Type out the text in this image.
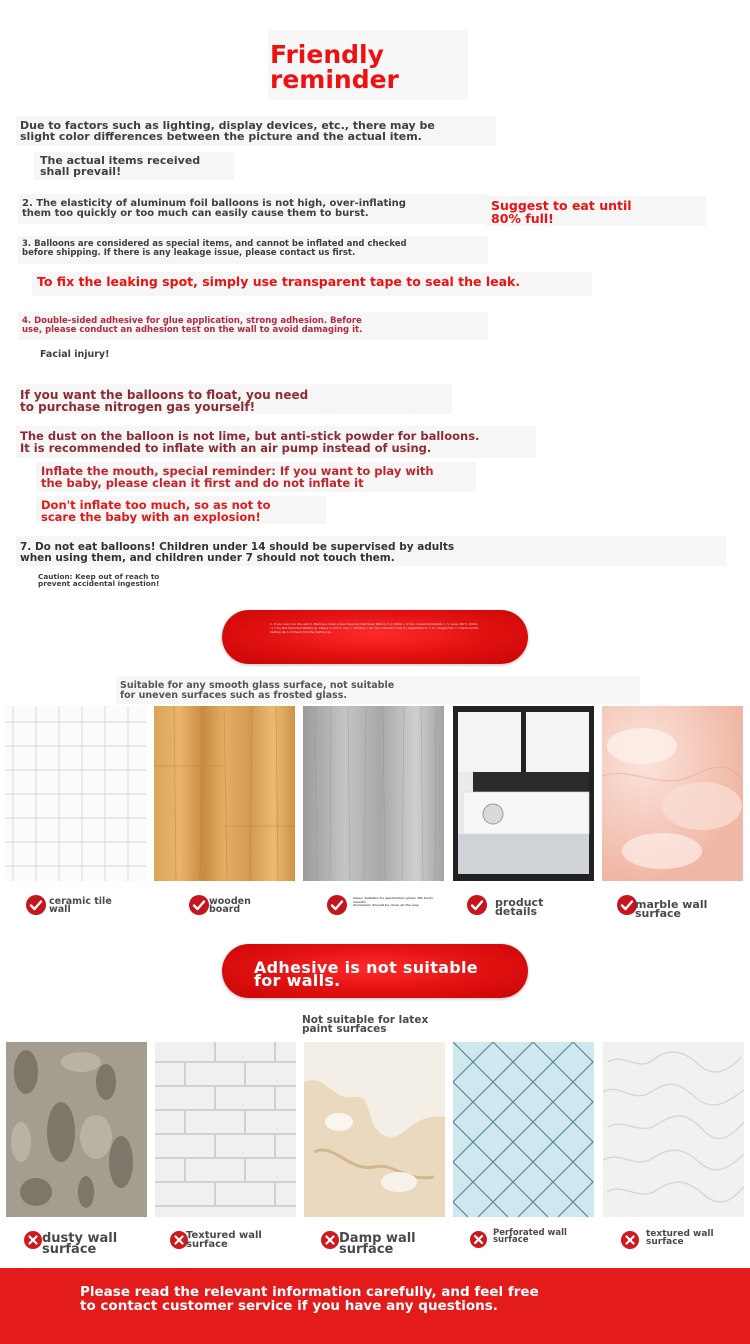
Friendly
reminder
Due to factors such as lighting, display devices, etc., there may be
slight color differences between the picture and the actual item.
The actual items received
shall prevail!
2. The elasticity of aluminum foil balloons is not high, over-inflating
them too quickly or too much can easily cause them to burst.
Suggest to eat until
80% full!
3. Balloons are considered as special items, and cannot be inflated and checked
before shipping. If there is any leakage issue, please contact us first.
To fix the leaking spot, simply use transparent tape to seal the leak.
4. Double-sided adhesive for glue application, strong adhesion. Before
use, please conduct an adhesion test on the wall to avoid damaging it.
Facial injury!
If you want the balloons to float, you need
to purchase nitrogen gas yourself!
The dust on the balloon is not lime, but anti-stick powder for balloons.
It is recommended to inflate with an air pump instead of using.
Inflate the mouth, special reminder: If you want to play with
the baby, please clean it first and do not inflate it
Don't inflate too much, so as not to
scare the baby with an explosion!
7. Do not eat balloons! Children under 14 should be supervised by adults
when using them, and children under 7 should not touch them.
Caution: Keep out of reach to
prevent accidental ingestion!
1. If you use it on the wall 2. Making a clean (clean Special) test Need Before 3. It (Note 1. If Can Cause Paint/walls 1. 5. Give, Put 5. (Note I.) 7.Do Not Intended Wall(S) 9). Please 5. Put 5. Use 7. Children 7.Do Not Intended Only 8.) Applicable to 7.11. Single Free 7.1 Removal No Setting Up 1.9 Check Into the Setting Up.
Suitable for any smooth glass surface, not suitable
for uneven surfaces such as frosted glass.
ceramic tile
wall
wooden
board
Glass: Suitable for application (glass: fits best) smooth
Aluminum: Should be clean all the way	product
details
marble wall
surface
Adhesive is not suitable
for walls.
Not suitable for latex
paint surfaces
dusty wall
surface
Textured wall
surface	Damp wall
surface
Perforated wall
surface
textured wall
surface
Please read the relevant information carefully, and feel free
to contact customer service if you have any questions.
